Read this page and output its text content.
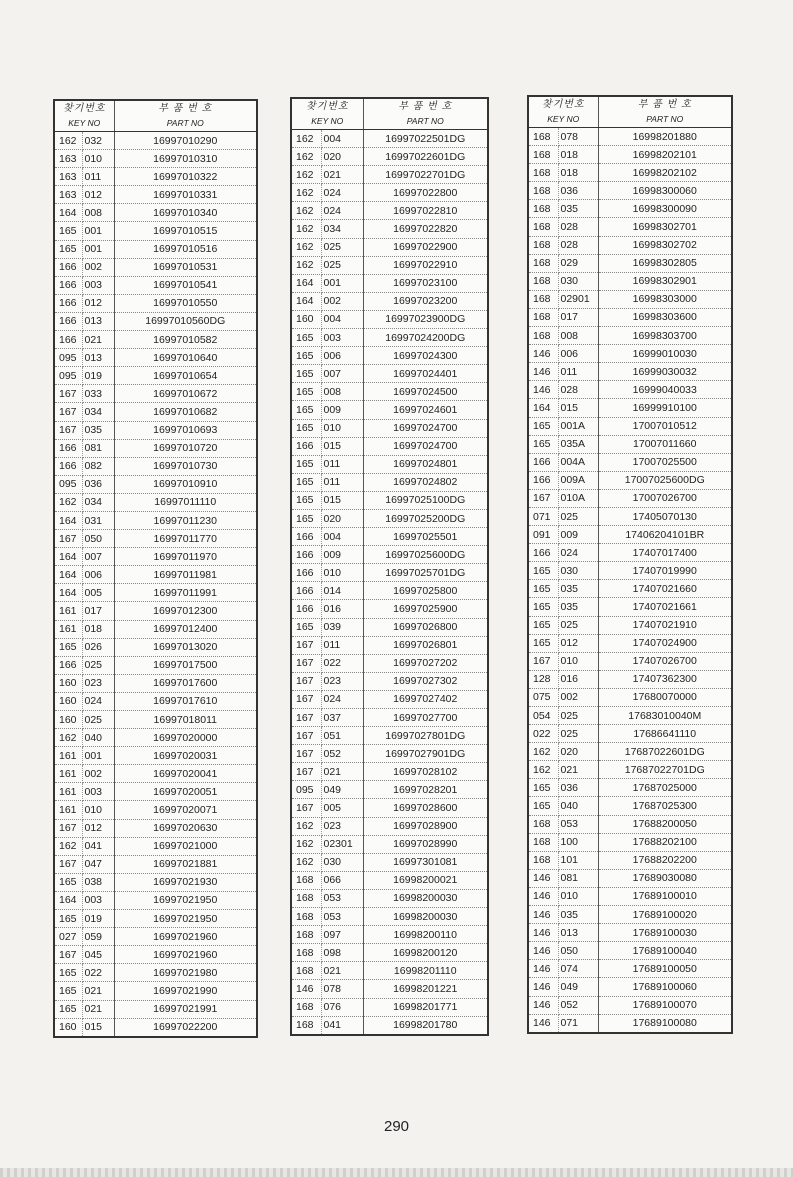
찾기번호
KEY NO		부 품 번 호
PART NO

162	032	16997010290
163	010	16997010310
163	011	16997010322
163	012	16997010331
164	008	16997010340
165	001	16997010515
165	001	16997010516
166	002	16997010531
166	003	16997010541
166	012	16997010550
166	013	16997010560DG
166	021	16997010582
095	013	16997010640
095	019	16997010654
167	033	16997010672
167	034	16997010682
167	035	16997010693
166	081	16997010720
166	082	16997010730
095	036	16997010910
162	034	16997011110
164	031	16997011230
167	050	16997011770
164	007	16997011970
164	006	16997011981
164	005	16997011991
161	017	16997012300
161	018	16997012400
165	026	16997013020
166	025	16997017500
160	023	16997017600
160	024	16997017610
160	025	16997018011
162	040	16997020000
161	001	16997020031
161	002	16997020041
161	003	16997020051
161	010	16997020071
167	012	16997020630
162	041	16997021000
167	047	16997021881
165	038	16997021930
164	003	16997021950
165	019	16997021950
027	059	16997021960
167	045	16997021960
165	022	16997021980
165	021	16997021990
165	021	16997021991
160	015	16997022200
찾기번호
KEY NO		부 품 번 호
PART NO

162	004	16997022501DG
162	020	16997022601DG
162	021	16997022701DG
162	024	16997022800
162	024	16997022810
162	034	16997022820
162	025	16997022900
162	025	16997022910
164	001	16997023100
164	002	16997023200
160	004	16997023900DG
165	003	16997024200DG
165	006	16997024300
165	007	16997024401
165	008	16997024500
165	009	16997024601
165	010	16997024700
166	015	16997024700
165	011	16997024801
165	011	16997024802
165	015	16997025100DG
165	020	16997025200DG
166	004	16997025501
166	009	16997025600DG
166	010	16997025701DG
166	014	16997025800
166	016	16997025900
165	039	16997026800
167	011	16997026801
167	022	16997027202
167	023	16997027302
167	024	16997027402
167	037	16997027700
167	051	16997027801DG
167	052	16997027901DG
167	021	16997028102
095	049	16997028201
167	005	16997028600
162	023	16997028900
162	02301	16997028990
162	030	16997301081
168	066	16998200021
168	053	16998200030
168	053	16998200030
168	097	16998200110
168	098	16998200120
168	021	16998201110
146	078	16998201221
168	076	16998201771
168	041	16998201780
찾기번호
KEY NO		부 품 번 호
PART NO

168	078	16998201880
168	018	16998202101
168	018	16998202102
168	036	16998300060
168	035	16998300090
168	028	16998302701
168	028	16998302702
168	029	16998302805
168	030	16998302901
168	02901	16998303000
168	017	16998303600
168	008	16998303700
146	006	16999010030
146	011	16999030032
146	028	16999040033
164	015	16999910100
165	001A	17007010512
165	035A	17007011660
166	004A	17007025500
166	009A	17007025600DG
167	010A	17007026700
071	025	17405070130
091	009	17406204101BR
166	024	17407017400
165	030	17407019990
165	035	17407021660
165	035	17407021661
165	025	17407021910
165	012	17407024900
167	010	17407026700
128	016	17407362300
075	002	17680070000
054	025	17683010040M
022	025	17686641110
162	020	17687022601DG
162	021	17687022701DG
165	036	17687025000
165	040	17687025300
168	053	17688200050
168	100	17688202100
168	101	17688202200
146	081	17689030080
146	010	17689100010
146	035	17689100020
146	013	17689100030
146	050	17689100040
146	074	17689100050
146	049	17689100060
146	052	17689100070
146	071	17689100080
290
